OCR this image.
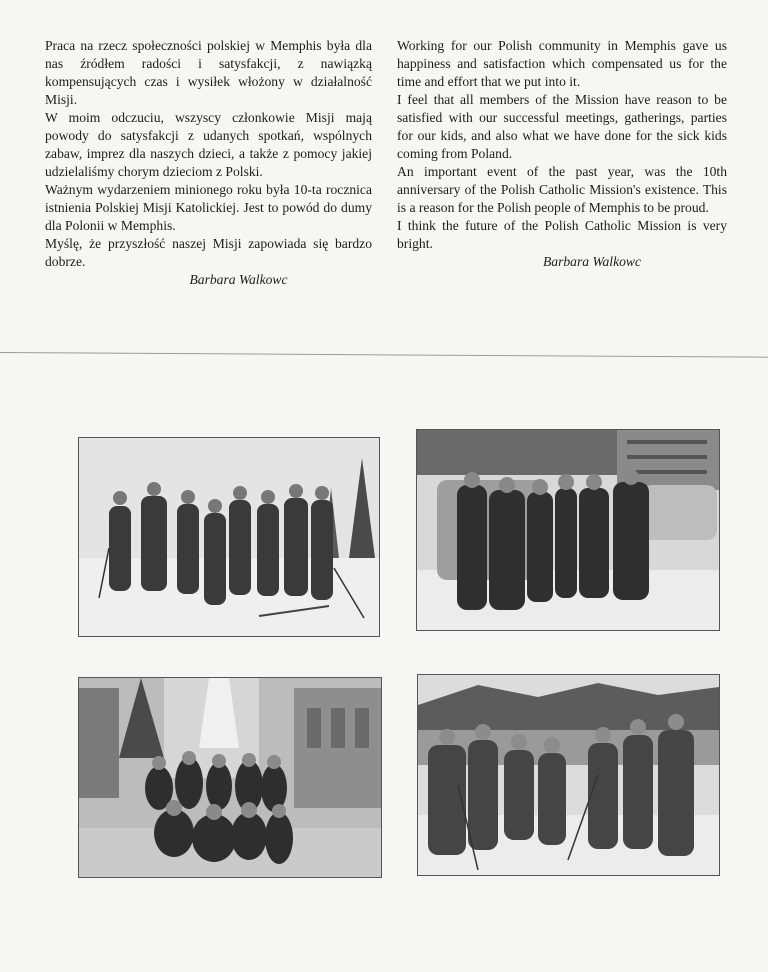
Praca na rzecz społeczności polskiej w Memphis była dla nas źródłem radości i satysfakcji, z nawiązką kompensujących czas i wysiłek włożony w działalność Misji.

W moim odczuciu, wszyscy członkowie Misji mają powody do satysfakcji z udanych spotkań, wspólnych zabaw, imprez dla naszych dzieci, a także z pomocy jakiej udzielaliśmy chorym dzieciom z Polski.

Ważnym wydarzeniem minionego roku była 10-ta rocznica istnienia Polskiej Misji Katolickiej. Jest to powód do dumy dla Polonii w Memphis.

Myślę, że przyszłość naszej Misji zapowiada się bardzo dobrze.

Barbara Walkowc

Working for our Polish community in Memphis gave us happiness and satisfaction which compensated us for the time and effort that we put into it.

I feel that all members of the Mission have reason to be satisfied with our successful meetings, gatherings, parties for our kids, and also what we have done for the sick kids coming from Poland.

An important event of the past year, was the 10th anniversary of the Polish Catholic Mission's existence. This is a reason for the Polish people of Memphis to be proud.

I think the future of the Polish Catholic Mission is very bright.

Barbara Walkowc
